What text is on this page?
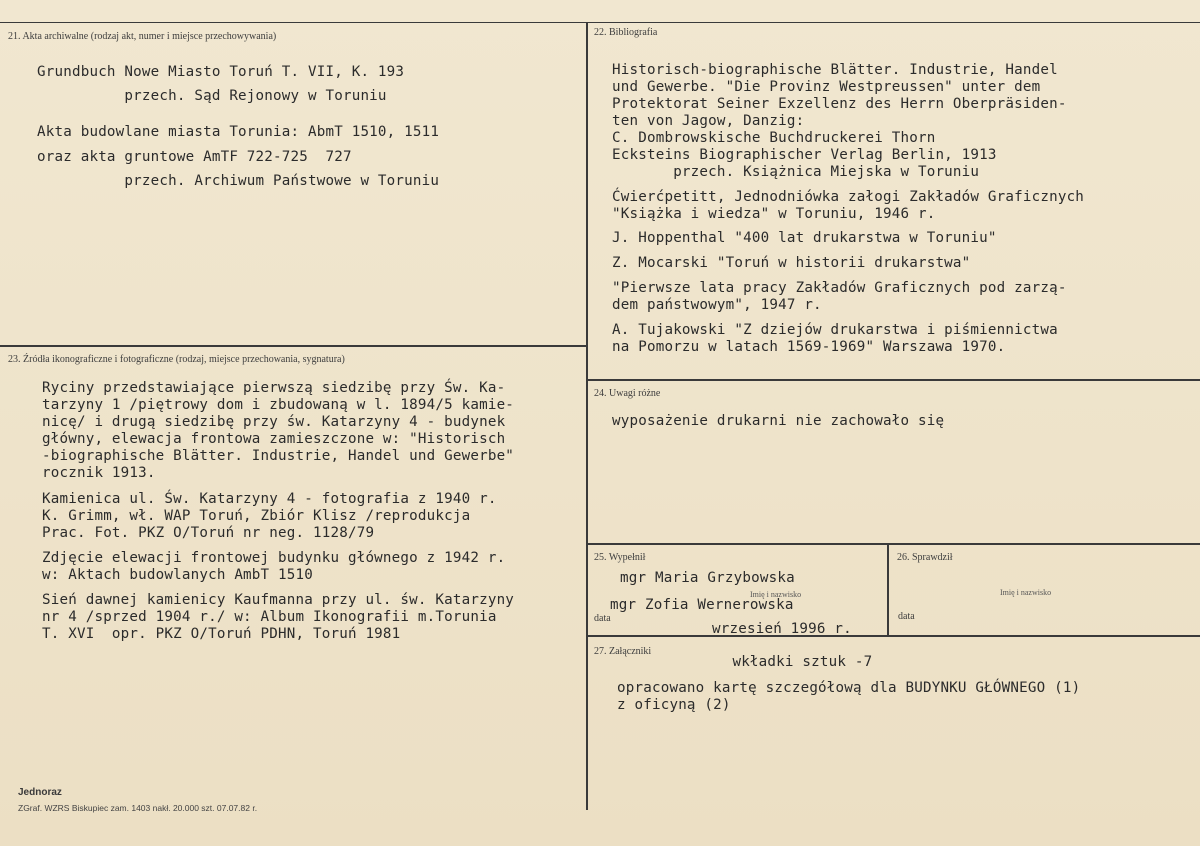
21. Akta archiwalne (rodzaj akt, numer i miejsce przechowywania)
Grundbuch Nowe Miasto Toruń T. VII, K. 193
przech. Sąd Rejonowy w Toruniu
Akta budowlane miasta Torunia: AbmT 1510, 1511
oraz akta gruntowe AmTF 722-725  727
przech. Archiwum Państwowe w Toruniu
22. Bibliografia
Historisch-biographische Blätter. Industrie, Handel
und Gewerbe. "Die Provinz Westpreussen" unter dem
Protektorat Seiner Exzellenz des Herrn Oberpräsiden-
ten von Jagow, Danzig:
C. Dombrowskische Buchdruckerei Thorn
Ecksteins Biographischer Verlag Berlin, 1913
przech. Książnica Miejska w Toruniu
Ćwierćpetitt, Jednodniówka załogi Zakładów Graficznych
"Książka i wiedza" w Toruniu, 1946 r.
J. Hoppenthal "400 lat drukarstwa w Toruniu"
Z. Mocarski "Toruń w historii drukarstwa"
"Pierwsze lata pracy Zakładów Graficznych pod zarzą-
dem państwowym", 1947 r.
A. Tujakowski "Z dziejów drukarstwa i piśmiennictwa
na Pomorzu w latach 1569-1969" Warszawa 1970.
23. Źródła ikonograficzne i fotograficzne (rodzaj, miejsce przechowania, sygnatura)
Ryciny przedstawiające pierwszą siedzibę przy Św. Ka-
tarzyny 1 /piętrowy dom i zbudowaną w l. 1894/5 kamie-
nicę/ i drugą siedzibę przy św. Katarzyny 4 - budynek
główny, elewacja frontowa zamieszczone w: "Historisch
-biographische Blätter. Industrie, Handel und Gewerbe"
rocznik 1913.
Kamienica ul. Św. Katarzyny 4 - fotografia z 1940 r.
K. Grimm, wł. WAP Toruń, Zbiór Klisz /reprodukcja
Prac. Fot. PKZ O/Toruń nr neg. 1128/79
Zdjęcie elewacji frontowej budynku głównego z 1942 r.
w: Aktach budowlanych AmbT 1510
Sień dawnej kamienicy Kaufmanna przy ul. św. Katarzyny
nr 4 /sprzed 1904 r./ w: Album Ikonografii m.Torunia
T. XVI  opr. PKZ O/Toruń PDHN, Toruń 1981
24. Uwagi różne
wyposażenie drukarni nie zachowało się
25. Wypełnił
mgr Maria Grzybowska
Imię i nazwisko
mgr Zofia Wernerowska
data
wrzesień 1996 r.
26. Sprawdził
Imię i nazwisko
data
27. Załączniki
wkładki sztuk -7
opracowano kartę szczegółową dla BUDYNKU GŁÓWNEGO (1)
z oficyną (2)
Jednoraz
ZGraf. WZRS Biskupiec zam. 1403 nakł. 20.000 szt. 07.07.82 r.
